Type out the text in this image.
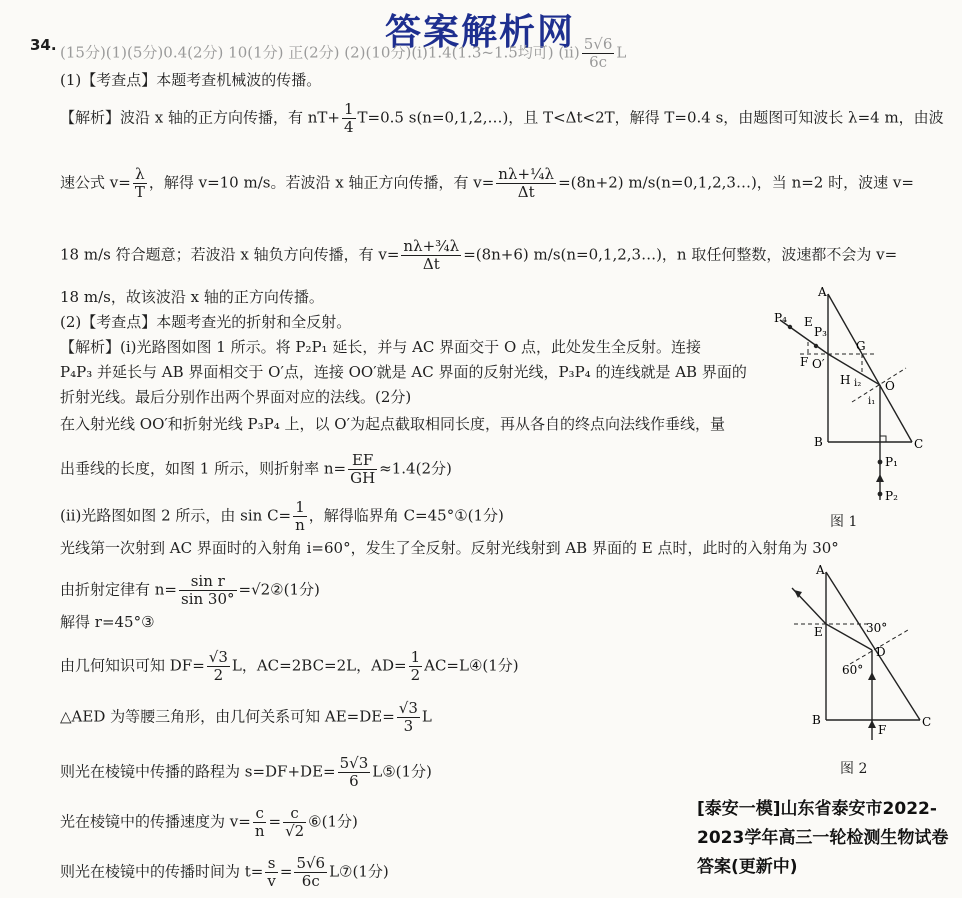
答案解析网
34. (15分)(1)(5分)0.4(2分) 10(1分) 正(2分) (2)(10分)(ⅰ)1.4(1.3~1.5均可) (ⅱ) $\frac{5√6}{6c}$ L
(1)【考查点】本题考查机械波的传播。
【解析】波沿 x 轴的正方向传播，有 $nT+ \frac{1}{4} T=0.5$ s(n=0,1,2,…)，且 T<Δt<2T，解得 T=0.4 s，由题图可知波长 λ=4 m，由波
速公式 $v= \frac{\lambda}{T}$ ，解得 v=10 m/s。若波沿 x 轴正方向传播，有 $v= \frac{\text{nλ+¼λ}}{\Delta t} =(8n+2)$ m/s(n=0,1,2,3…)，当 n=2 时，波速 v=
18 m/s 符合题意；若波沿 x 轴负方向传播，有 $v= \frac{\text{nλ+¾λ}}{\Delta t} =(8n+6)$ m/s(n=0,1,2,3…)，n 取任何整数，波速都不会为 v=
18 m/s，故该波沿 x 轴的正方向传播。
(2)【考查点】本题考查光的折射和全反射。
【解析】(ⅰ)光路图如图 1 所示。将 P₂P₁ 延长，并与 AC 界面交于 O 点，此处发生全反射。连接
P₄P₃ 并延长与 AB 界面相交于 O′点，连接 OO′就是 AC 界面的反射光线，P₃P₄ 的连线就是 AB 界面的
折射光线。最后分别作出两个界面对应的法线。(2分)
在入射光线 OO′和折射光线 P₃P₄ 上，以 O′为起点截取相同长度，再从各自的终点向法线作垂线，量
出垂线的长度，如图 1 所示，则折射率 $n= \frac{EF}{GH} \approx 1.4(2$分)
(ⅱ)光路图如图 2 所示，由 $\sin C= \frac{1}{n}$ ，解得临界角 C=45°①(1分)
光线第一次射到 AC 界面时的入射角 i=60°，发生了全反射。反射光线射到 AB 界面的 E 点时，此时的入射角为 30°
由折射定律有 $n= \frac{\text{sin r}}{\sin 30^\circ}$ =√2②(1分)
解得 r=45°③
由几何知识可知 $DF= \frac{√3}{2}$ L，AC=2BC=2L，$AD= \frac{1}{2}$ AC=L④(1分)
△AED 为等腰三角形，由几何关系可知 $AE=DE= \frac{√3}{3}$ L
则光在棱镜中传播的路程为 $s=DF+DE= \frac{5√3}{6}$ L⑤(1分)
光在棱镜中的传播速度为 $v= \frac{c}{n} = \frac{c}{√2}$ ⑥(1分)
则光在棱镜中的传播时间为 $t= \frac{s}{v} = \frac{5√6}{6c}$ L⑦(1分)
A
B	C
O
O′
E
F
G
H
P₁
P₂
P₃
P₄
i₁
i₂
图 1
A
B	C
D
E
F
30°
60°
图 2
[泰安一模]山东省泰安市2022-2023学年高三一轮检测生物试卷 答案(更新中)
